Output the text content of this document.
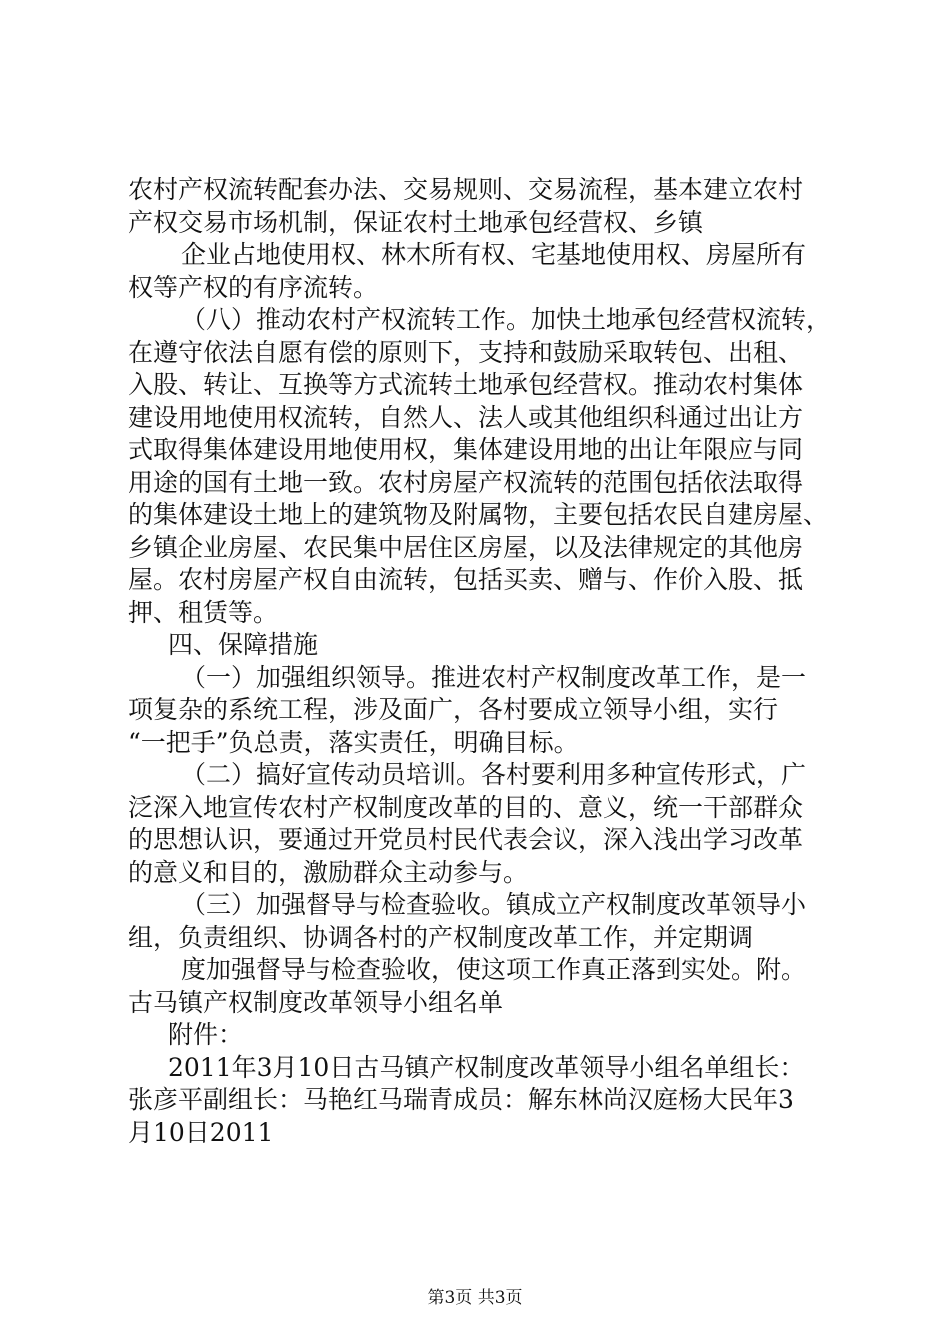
农村产权流转配套办法、交易规则、交易流程，基本建立农村
产权交易市场机制，保证农村土地承包经营权、乡镇
企业占地使用权、林木所有权、宅基地使用权、房屋所有
权等产权的有序流转。
（八）推动农村产权流转工作。加快土地承包经营权流转，
在遵守依法自愿有偿的原则下，支持和鼓励采取转包、出租、
入股、转让、互换等方式流转土地承包经营权。推动农村集体
建设用地使用权流转，自然人、法人或其他组织科通过出让方
式取得集体建设用地使用权，集体建设用地的出让年限应与同
用途的国有土地一致。农村房屋产权流转的范围包括依法取得
的集体建设土地上的建筑物及附属物，主要包括农民自建房屋、
乡镇企业房屋、农民集中居住区房屋，以及法律规定的其他房
屋。农村房屋产权自由流转，包括买卖、赠与、作价入股、抵
押、租赁等。
四、保障措施
（一）加强组织领导。推进农村产权制度改革工作，是一
项复杂的系统工程，涉及面广，各村要成立领导小组，实行
“一把手”负总责，落实责任，明确目标。
（二）搞好宣传动员培训。各村要利用多种宣传形式，广
泛深入地宣传农村产权制度改革的目的、意义，统一干部群众
的思想认识，要通过开党员村民代表会议，深入浅出学习改革
的意义和目的，激励群众主动参与。
（三）加强督导与检查验收。镇成立产权制度改革领导小
组，负责组织、协调各村的产权制度改革工作，并定期调
度加强督导与检查验收，使这项工作真正落到实处。附。
古马镇产权制度改革领导小组名单
附件：
2011年3月10日古马镇产权制度改革领导小组名单组长：
张彦平副组长：马艳红马瑞青成员：解东林尚汉庭杨大民年3
月10日2011
第3页 共3页
